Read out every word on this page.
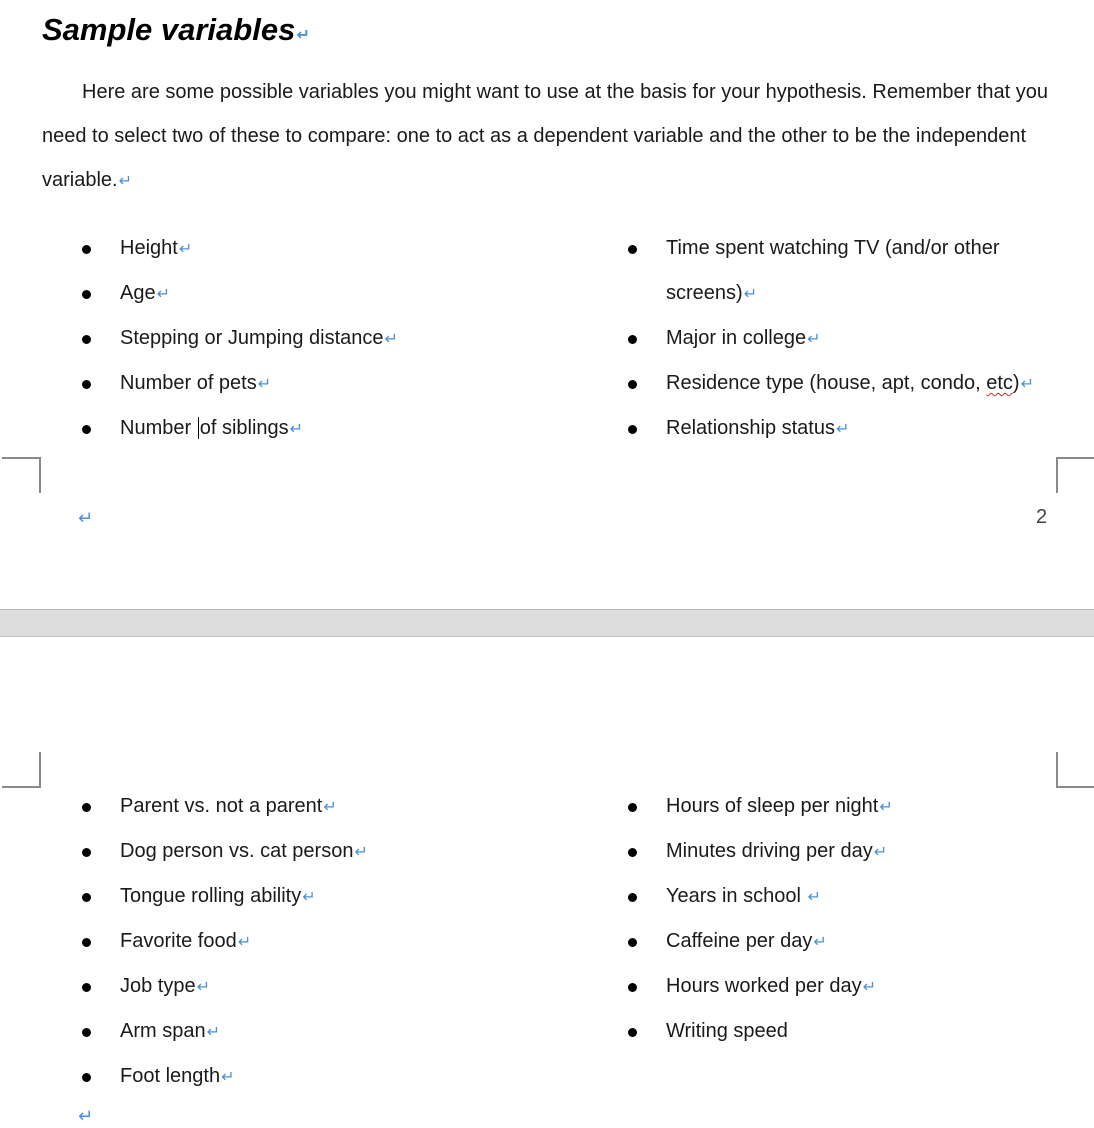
Sample variables↵

Here are some possible variables you might want to use at the basis for your hypothesis. Remember that you need to select two of these to compare: one to act as a dependent variable and the other to be the independent variable.↵

Height↵
Age↵
Stepping or Jumping distance↵
Number of pets↵
Number of siblings↵
Time spent watching TV (and/or other screens)↵
Major in college↵
Residence type (house, apt, condo, etc)↵
Relationship status↵
↵	2
Parent vs. not a parent↵
Dog person vs. cat person↵
Tongue rolling ability↵
Favorite food↵
Job type↵
Arm span↵
Foot length↵
Hours of sleep per night↵
Minutes driving per day↵
Years in school ↵
Caffeine per day↵
Hours worked per day↵
Writing speed
↵
